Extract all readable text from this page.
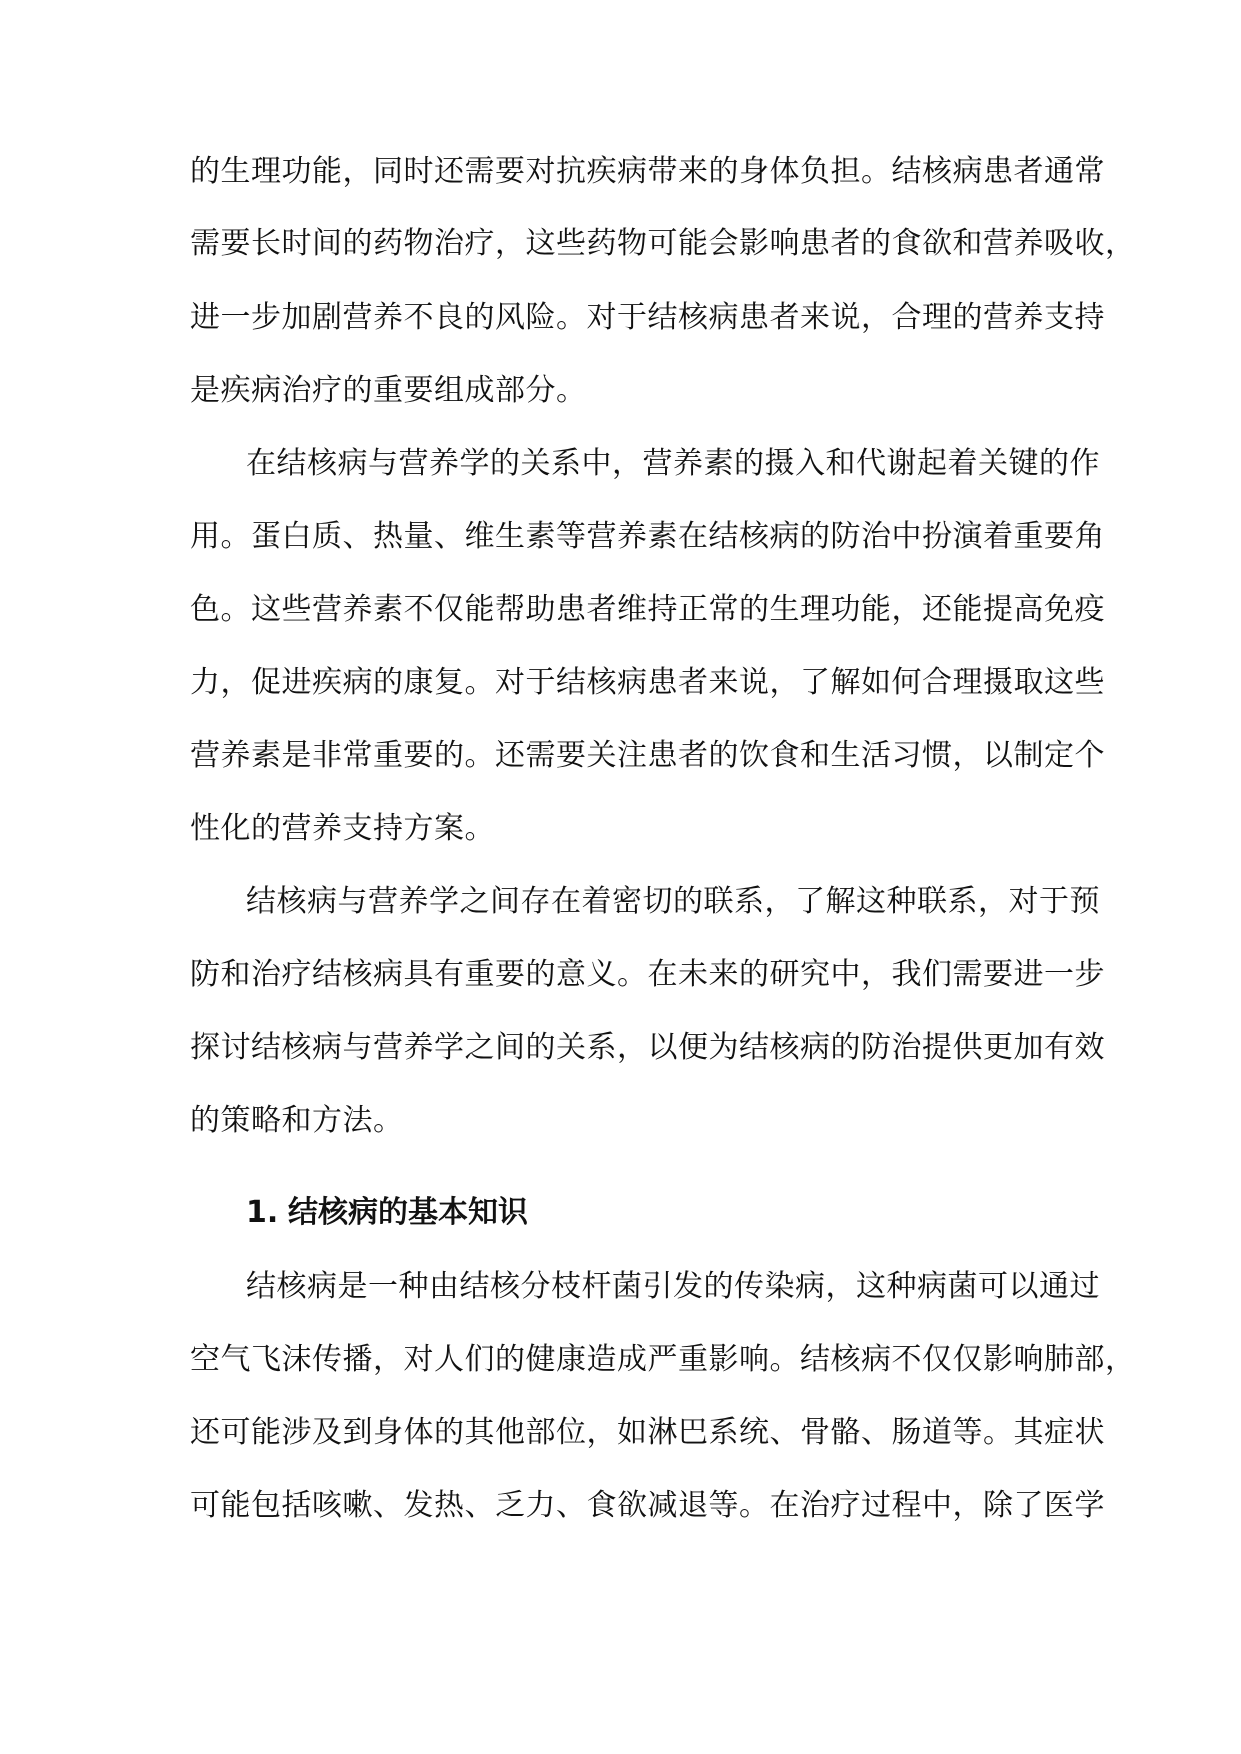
的生理功能，同时还需要对抗疾病带来的身体负担。结核病患者通常
需要长时间的药物治疗，这些药物可能会影响患者的食欲和营养吸收，
进一步加剧营养不良的风险。对于结核病患者来说，合理的营养支持
是疾病治疗的重要组成部分。
在结核病与营养学的关系中，营养素的摄入和代谢起着关键的作
用。蛋白质、热量、维生素等营养素在结核病的防治中扮演着重要角
色。这些营养素不仅能帮助患者维持正常的生理功能，还能提高免疫
力，促进疾病的康复。对于结核病患者来说，了解如何合理摄取这些
营养素是非常重要的。还需要关注患者的饮食和生活习惯，以制定个
性化的营养支持方案。
结核病与营养学之间存在着密切的联系，了解这种联系，对于预
防和治疗结核病具有重要的意义。在未来的研究中，我们需要进一步
探讨结核病与营养学之间的关系，以便为结核病的防治提供更加有效
的策略和方法。
1. 结核病的基本知识
结核病是一种由结核分枝杆菌引发的传染病，这种病菌可以通过
空气飞沫传播，对人们的健康造成严重影响。结核病不仅仅影响肺部，
还可能涉及到身体的其他部位，如淋巴系统、骨骼、肠道等。其症状
可能包括咳嗽、发热、乏力、食欲减退等。在治疗过程中，除了医学
